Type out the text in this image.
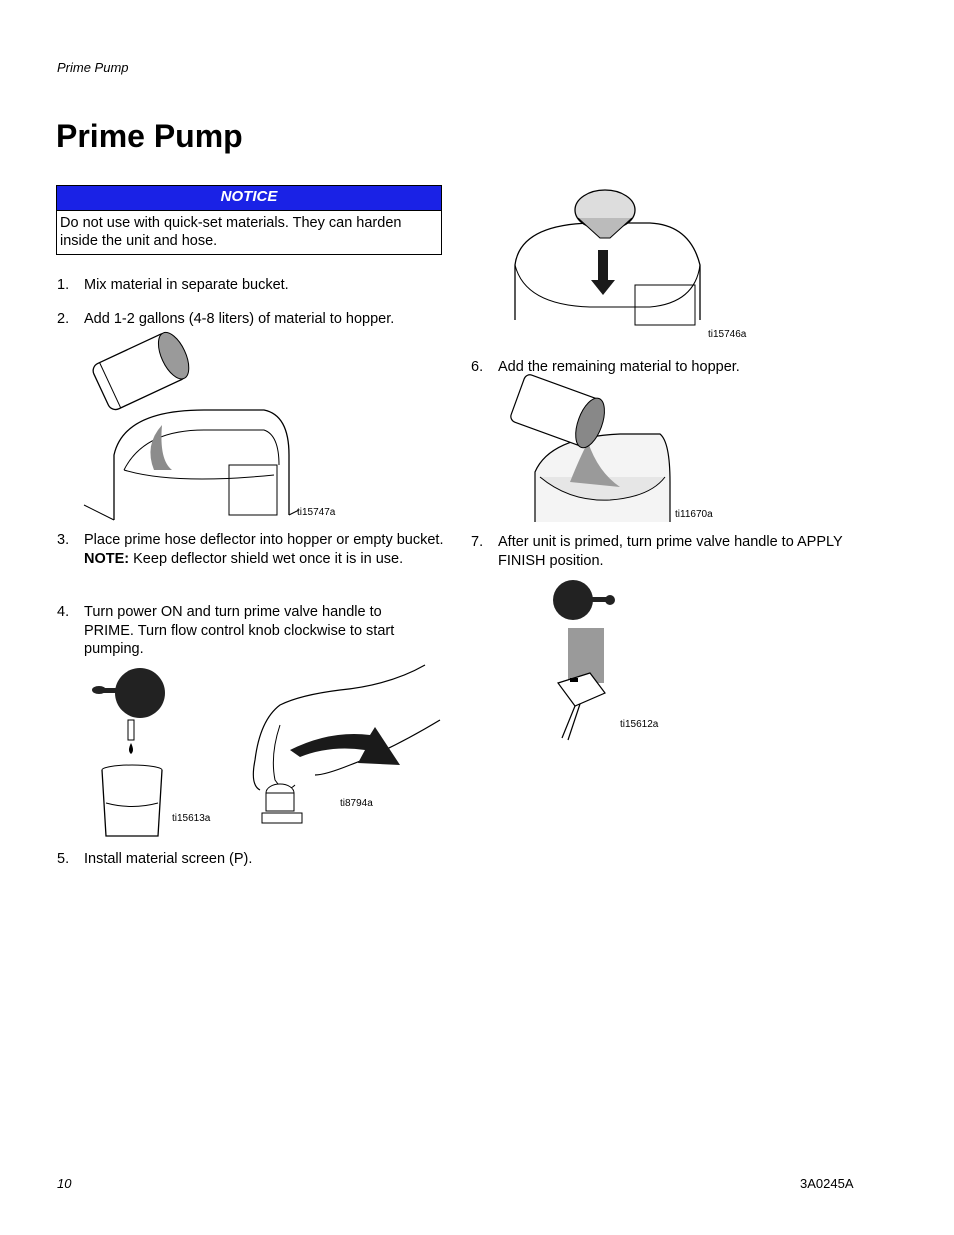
Prime Pump
Prime Pump
NOTICE
Do not use with quick-set materials. They can harden inside the unit and hose.
1. Mix material in separate bucket.
2. Add 1-2 gallons (4-8 liters) of material to hopper.
ti15747a
3. Place prime hose deflector into hopper or empty bucket. NOTE: Keep deflector shield wet once it is in use.
4. Turn power ON and turn prime valve handle to PRIME. Turn flow control knob clockwise to start pumping.
ti15613a
ti8794a
5. Install material screen (P).
ti15746a
6. Add the remaining material to hopper.
ti11670a
7. After unit is primed, turn prime valve handle to APPLY FINISH position.
ti15612a
10	3A0245A
